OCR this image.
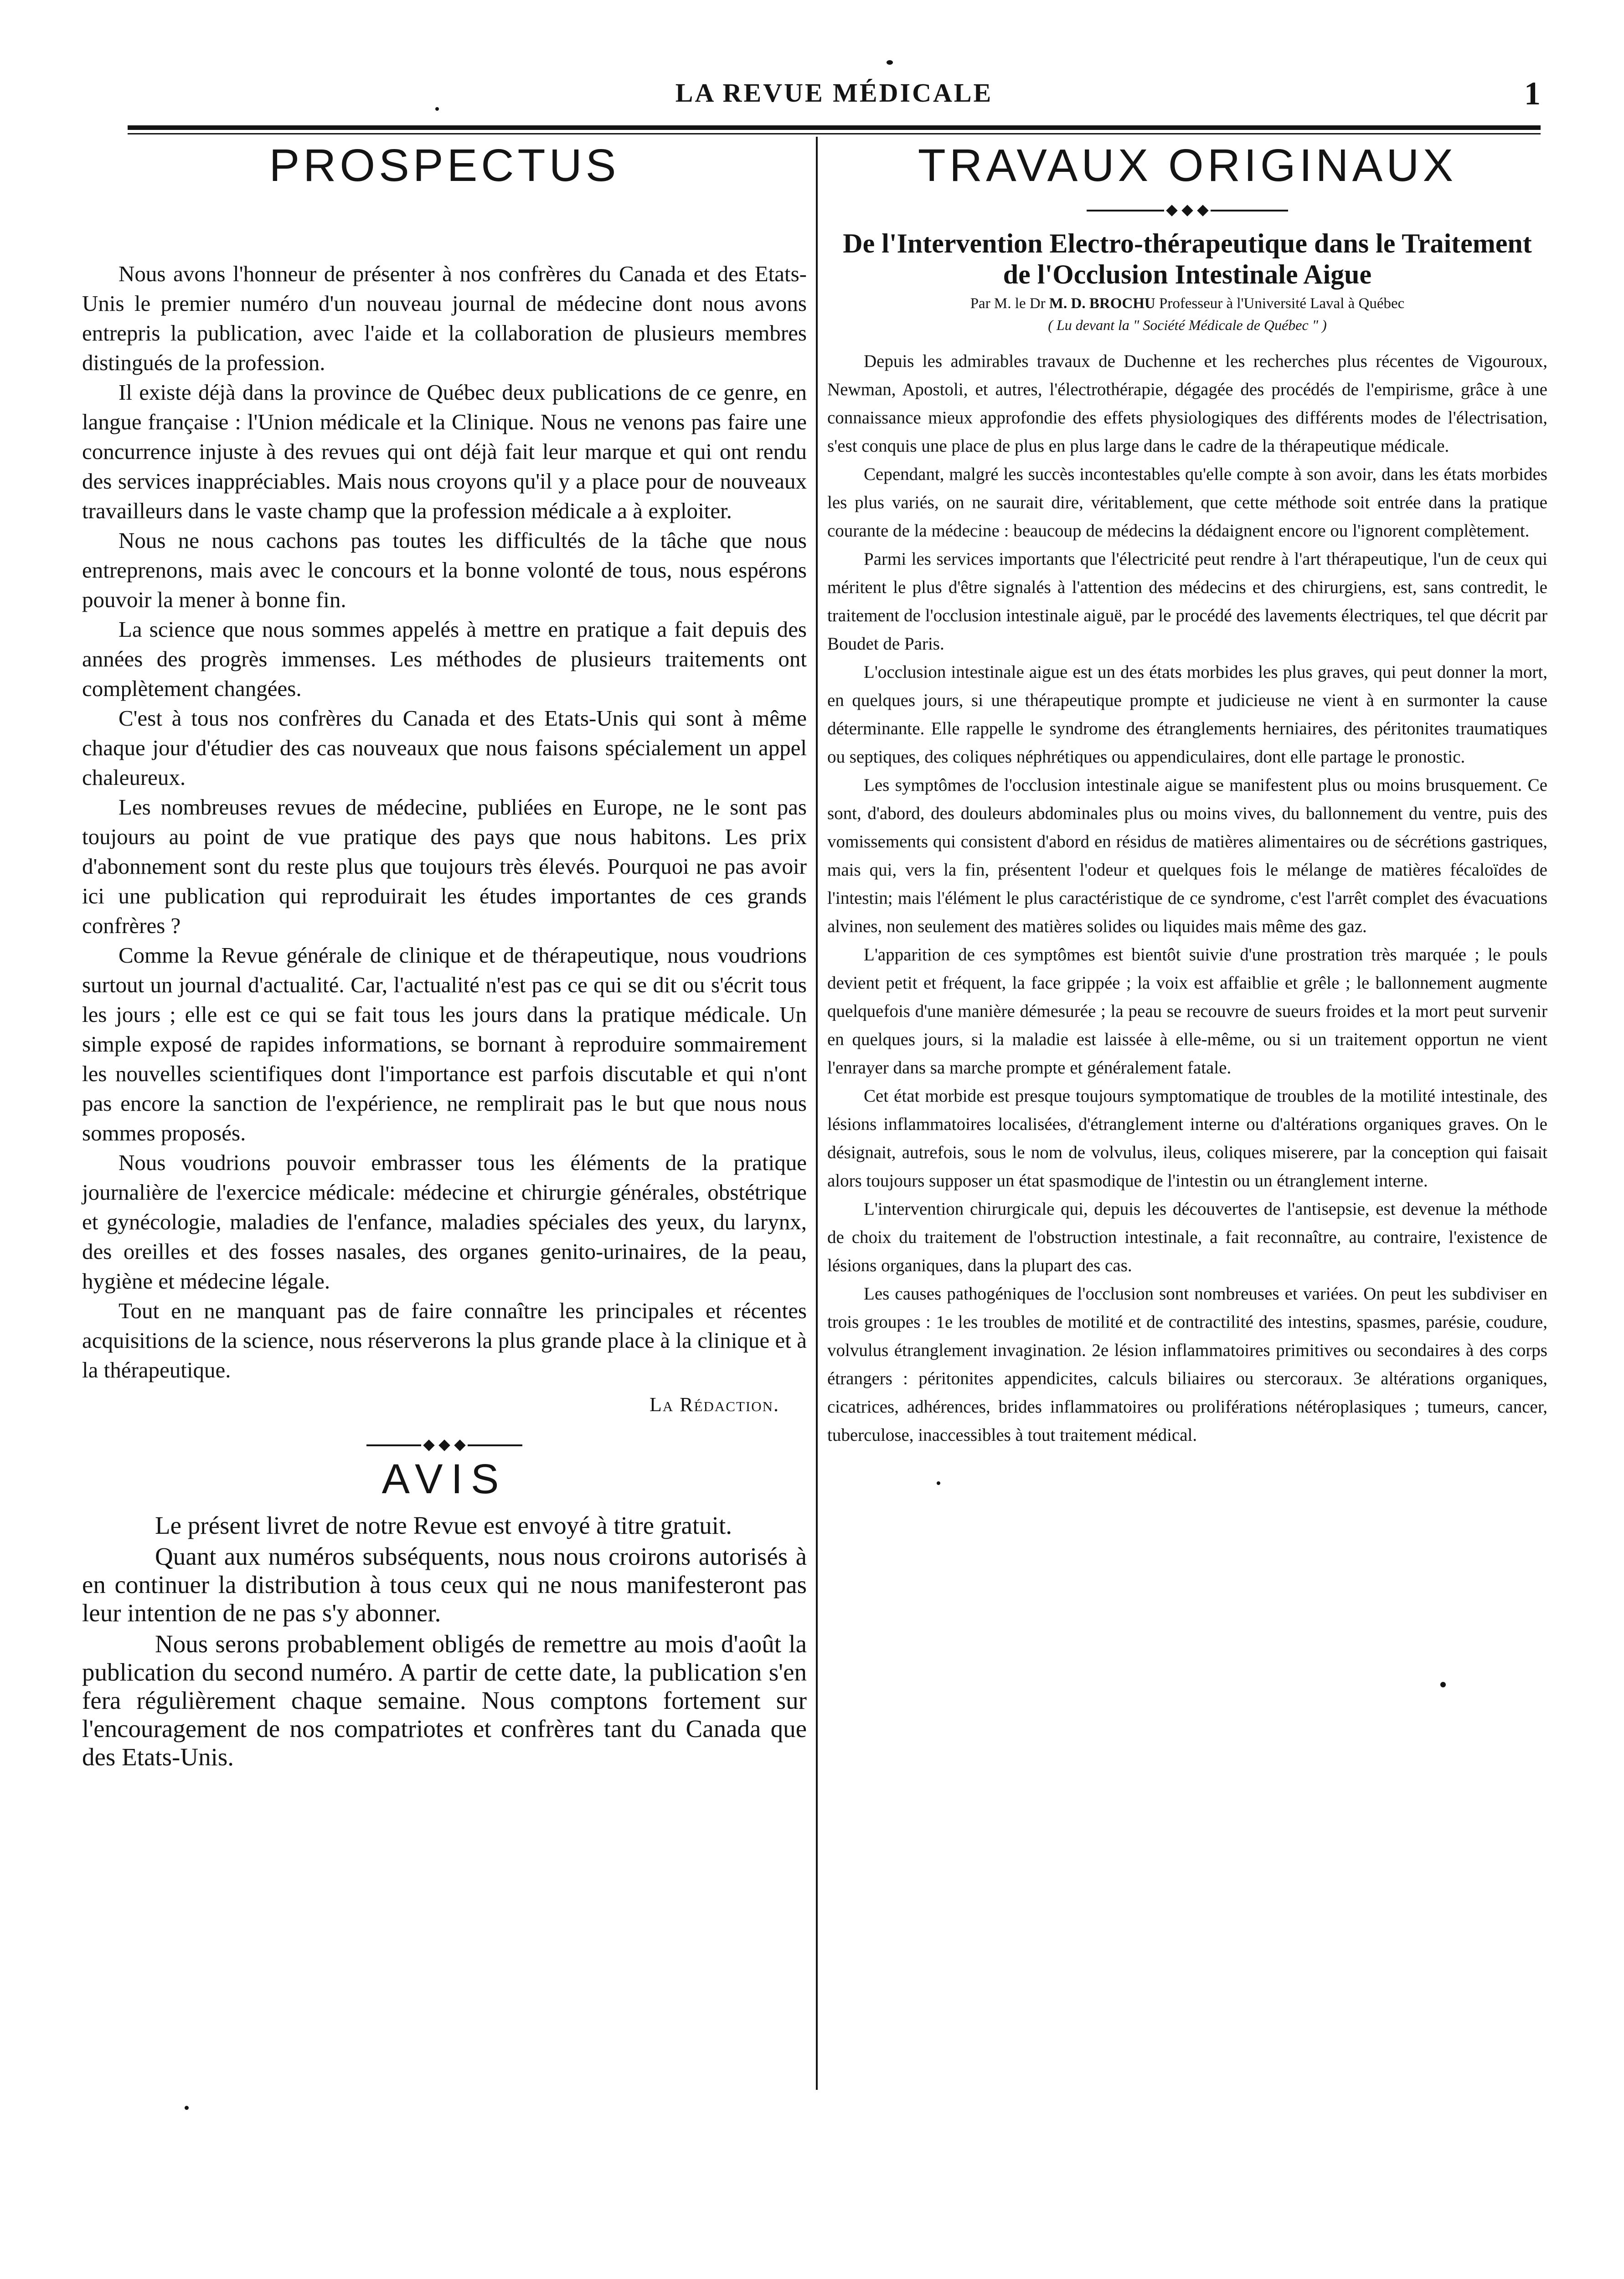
LA REVUE MÉDICALE	1
PROSPECTUS

Nous avons l'honneur de présenter à nos confrères du Canada et des Etats-Unis le premier numéro d'un nouveau journal de médecine dont nous avons entrepris la publication, avec l'aide et la collaboration de plusieurs membres distingués de la profession.

Il existe déjà dans la province de Québec deux publications de ce genre, en langue française : l'Union médicale et la Clinique. Nous ne venons pas faire une concurrence injuste à des revues qui ont déjà fait leur marque et qui ont rendu des services inappréciables. Mais nous croyons qu'il y a place pour de nouveaux travailleurs dans le vaste champ que la profession médicale a à exploiter.

Nous ne nous cachons pas toutes les difficultés de la tâche que nous entreprenons, mais avec le concours et la bonne volonté de tous, nous espérons pouvoir la mener à bonne fin.

La science que nous sommes appelés à mettre en pratique a fait depuis des années des progrès immenses. Les méthodes de plusieurs traitements ont complètement changées.

C'est à tous nos confrères du Canada et des Etats-Unis qui sont à même chaque jour d'étudier des cas nouveaux que nous faisons spécialement un appel chaleureux.

Les nombreuses revues de médecine, publiées en Europe, ne le sont pas toujours au point de vue pratique des pays que nous habitons. Les prix d'abonnement sont du reste plus que toujours très élevés. Pourquoi ne pas avoir ici une publication qui reproduirait les études importantes de ces grands confrères ?

Comme la Revue générale de clinique et de thérapeutique, nous voudrions surtout un journal d'actualité. Car, l'actualité n'est pas ce qui se dit ou s'écrit tous les jours ; elle est ce qui se fait tous les jours dans la pratique médicale. Un simple exposé de rapides informations, se bornant à reproduire sommairement les nouvelles scientifiques dont l'importance est parfois discutable et qui n'ont pas encore la sanction de l'expérience, ne remplirait pas le but que nous nous sommes proposés.

Nous voudrions pouvoir embrasser tous les éléments de la pratique journalière de l'exercice médicale: médecine et chirurgie générales, obstétrique et gynécologie, maladies de l'enfance, maladies spéciales des yeux, du larynx, des oreilles et des fosses nasales, des organes genito-urinaires, de la peau, hygiène et médecine légale.

Tout en ne manquant pas de faire connaître les principales et récentes acquisitions de la science, nous réserverons la plus grande place à la clinique et à la thérapeutique.

La Rédaction.
AVIS

Le présent livret de notre Revue est envoyé à titre gratuit.

Quant aux numéros subséquents, nous nous croirons autorisés à en continuer la distribution à tous ceux qui ne nous manifesteront pas leur intention de ne pas s'y abonner.

Nous serons probablement obligés de remettre au mois d'août la publication du second numéro. A partir de cette date, la publication s'en fera régulièrement chaque semaine. Nous comptons fortement sur l'encouragement de nos compatriotes et confrères tant du Canada que des Etats-Unis.

TRAVAUX ORIGINAUX
De l'Intervention Electro-thérapeutique dans le Traitement de l'Occlusion Intestinale Aigue
Par M. le Dr M. D. BROCHU Professeur à l'Université Laval à Québec
( Lu devant la " Société Médicale de Québec " )

Depuis les admirables travaux de Duchenne et les recherches plus récentes de Vigouroux, Newman, Apostoli, et autres, l'électrothérapie, dégagée des procédés de l'empirisme, grâce à une connaissance mieux approfondie des effets physiologiques des différents modes de l'électrisation, s'est conquis une place de plus en plus large dans le cadre de la thérapeutique médicale.

Cependant, malgré les succès incontestables qu'elle compte à son avoir, dans les états morbides les plus variés, on ne saurait dire, véritablement, que cette méthode soit entrée dans la pratique courante de la médecine : beaucoup de médecins la dédaignent encore ou l'ignorent complètement.

Parmi les services importants que l'électricité peut rendre à l'art thérapeutique, l'un de ceux qui méritent le plus d'être signalés à l'attention des médecins et des chirurgiens, est, sans contredit, le traitement de l'occlusion intestinale aiguë, par le procédé des lavements électriques, tel que décrit par Boudet de Paris.

L'occlusion intestinale aigue est un des états morbides les plus graves, qui peut donner la mort, en quelques jours, si une thérapeutique prompte et judicieuse ne vient à en surmonter la cause déterminante. Elle rappelle le syndrome des étranglements herniaires, des péritonites traumatiques ou septiques, des coliques néphrétiques ou appendiculaires, dont elle partage le pronostic.

Les symptômes de l'occlusion intestinale aigue se manifestent plus ou moins brusquement. Ce sont, d'abord, des douleurs abdominales plus ou moins vives, du ballonnement du ventre, puis des vomissements qui consistent d'abord en résidus de matières alimentaires ou de sécrétions gastriques, mais qui, vers la fin, présentent l'odeur et quelques fois le mélange de matières fécaloïdes de l'intestin; mais l'élément le plus caractéristique de ce syndrome, c'est l'arrêt complet des évacuations alvines, non seulement des matières solides ou liquides mais même des gaz.

L'apparition de ces symptômes est bientôt suivie d'une prostration très marquée ; le pouls devient petit et fréquent, la face grippée ; la voix est affaiblie et grêle ; le ballonnement augmente quelquefois d'une manière démesurée ; la peau se recouvre de sueurs froides et la mort peut survenir en quelques jours, si la maladie est laissée à elle-même, ou si un traitement opportun ne vient l'enrayer dans sa marche prompte et généralement fatale.

Cet état morbide est presque toujours symptomatique de troubles de la motilité intestinale, des lésions inflammatoires localisées, d'étranglement interne ou d'altérations organiques graves. On le désignait, autrefois, sous le nom de volvulus, ileus, coliques miserere, par la conception qui faisait alors toujours supposer un état spasmodique de l'intestin ou un étranglement interne.

L'intervention chirurgicale qui, depuis les découvertes de l'antisepsie, est devenue la méthode de choix du traitement de l'obstruction intestinale, a fait reconnaître, au contraire, l'existence de lésions organiques, dans la plupart des cas.

Les causes pathogéniques de l'occlusion sont nombreuses et variées. On peut les subdiviser en trois groupes : 1e les troubles de motilité et de contractilité des intestins, spasmes, parésie, coudure, volvulus étranglement invagination. 2e lésion inflammatoires primitives ou secondaires à des corps étrangers : péritonites appendicites, calculs biliaires ou stercoraux. 3e altérations organiques, cicatrices, adhérences, brides inflammatoires ou proliférations nétéroplasiques ; tumeurs, cancer, tuberculose, inaccessibles à tout traitement médical.
